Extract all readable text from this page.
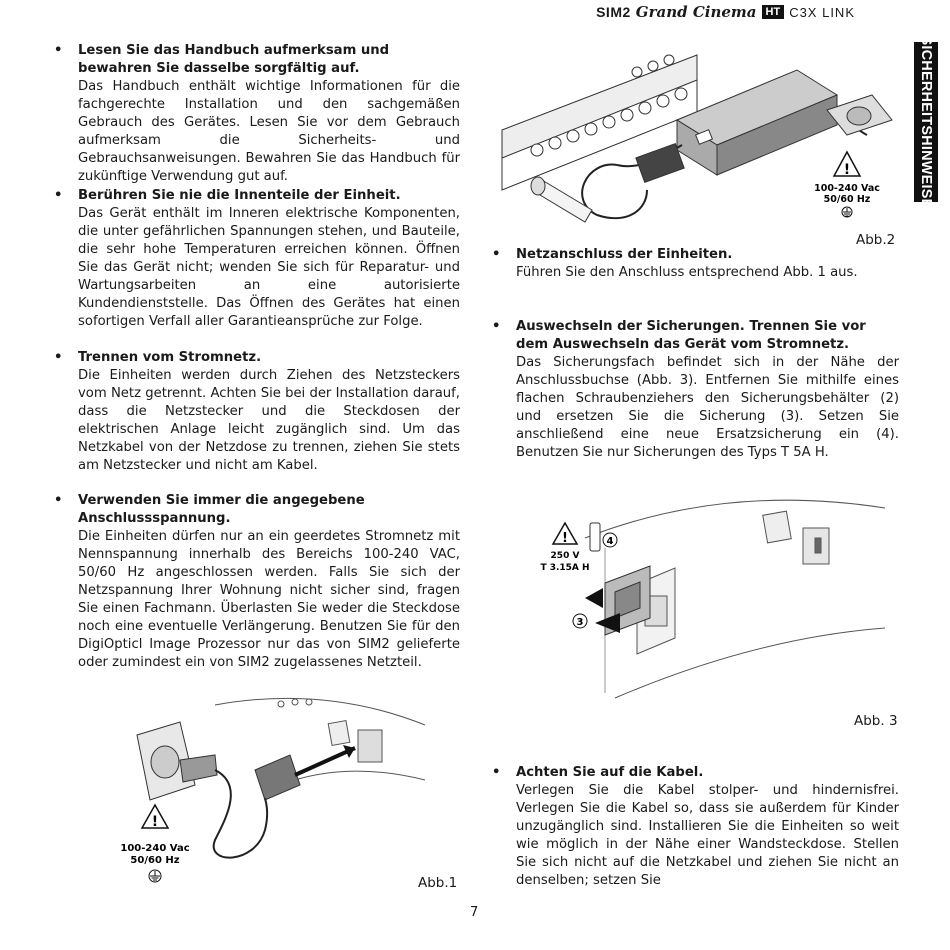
SIM2 Grand Cinema HT C3X LINK
SICHERHEITSHINWEISE
• Lesen Sie das Handbuch aufmerksam und bewahren Sie dasselbe sorgfältig auf.

Das Handbuch enthält wichtige Informationen für die fachgerechte Installation und den sachgemäßen Gebrauch des Gerätes. Lesen Sie vor dem Gebrauch aufmerksam die Sicherheits- und Gebrauchsanweisungen. Bewahren Sie das Handbuch für zukünftige Verwendung gut auf.

• Berühren Sie nie die Innenteile der Einheit.

Das Gerät enthält im Inneren elektrische Komponenten, die unter gefährlichen Spannungen stehen, und Bauteile, die sehr hohe Temperaturen erreichen können. Öffnen Sie das Gerät nicht; wenden Sie sich für Reparatur- und Wartungsarbeiten an eine autorisierte Kundendienststelle. Das Öffnen des Gerätes hat einen sofortigen Verfall aller Garantieansprüche zur Folge.

• Trennen vom Stromnetz.

Die Einheiten werden durch Ziehen des Netzsteckers vom Netz getrennt. Achten Sie bei der Installation darauf, dass die Netzstecker und die Steckdosen der elektrischen Anlage leicht zugänglich sind. Um das Netzkabel von der Netzdose zu trennen, ziehen Sie stets am Netzstecker und nicht am Kabel.

• Verwenden Sie immer die angegebene Anschlussspannung.

Die Einheiten dürfen nur an ein geerdetes Stromnetz mit Nennspannung innerhalb des Bereichs 100-240 VAC, 50/60 Hz angeschlossen werden. Falls Sie sich der Netzspannung Ihrer Wohnung nicht sicher sind, fragen Sie einen Fachmann. Überlasten Sie weder die Steckdose noch eine eventuelle Verlängerung. Benutzen Sie für den DigiOpticl Image Prozessor nur das von SIM2 gelieferte oder zumindest ein von SIM2 zugelassenes Netzteil.

• Netzanschluss der Einheiten.

Führen Sie den Anschluss entsprechend Abb. 1 aus.

• Auswechseln der Sicherungen. Trennen Sie vor dem Auswechseln das Gerät vom Stromnetz.

Das Sicherungsfach befindet sich in der Nähe der Anschlussbuchse (Abb. 3). Entfernen Sie mithilfe eines flachen Schraubenziehers den Sicherungsbehälter (2) und ersetzen Sie die Sicherung (3). Setzen Sie anschließend eine neue Ersatzsicherung ein (4). Benutzen Sie nur Sicherungen des Typs T 5A H.

• Achten Sie auf die Kabel.

Verlegen Sie die Kabel stolper- und hindernisfrei. Verlegen Sie die Kabel so, dass sie außerdem für Kinder unzugänglich sind. Installieren Sie die Einheiten so weit wie möglich in der Nähe einer Wandsteckdose. Stellen Sie sich nicht auf die Netzkabel und ziehen Sie nicht an denselben; setzen Sie

!
100-240 Vac
50/60 Hz
Abb.2
!
250 V
T 3.15A H
4
3
Abb. 3
!
100-240 Vac
50/60 Hz
Abb.1
7
